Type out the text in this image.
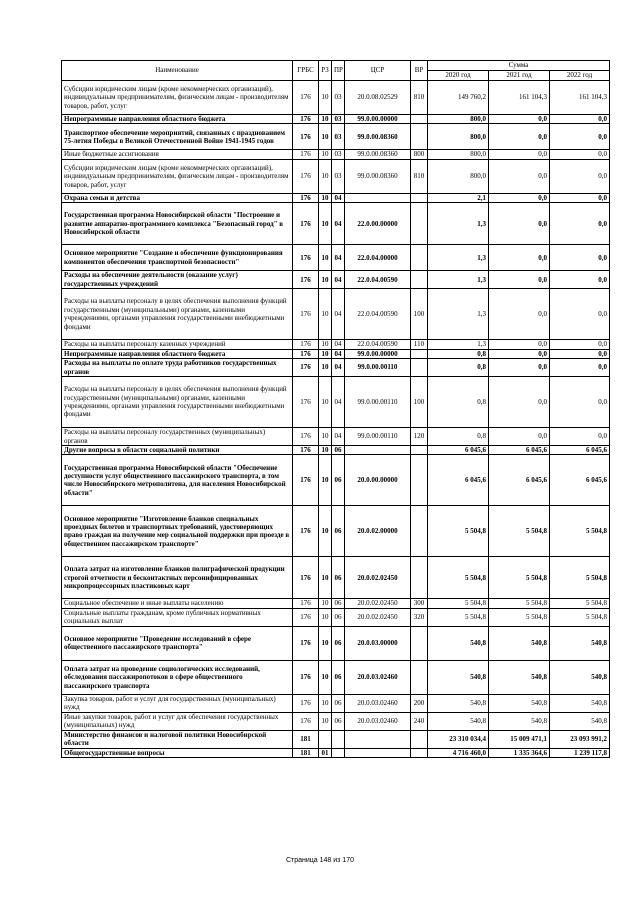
Наименование	ГРБС	РЗ	ПР	ЦСР	ВР	Сумма		
						2020 год	2021 год	2022 год
Субсидии юридическим лицам (кроме некоммерческих организаций), индивидуальным предпринимателям, физическим лицам - производителям товаров, работ, услуг	176	10	03	20.0.08.02529	810	149 760,2	161 104,3	161 104,3
Непрограммные направления областного бюджета	176	10	03	99.0.00.00000		800,0	0,0	0,0
Транспортное обеспечение мероприятий, связанных с празднованием 75-летия Победы в Великой Отечественной Войне 1941-1945 годов	176	10	03	99.0.00.08360		800,0	0,0	0,0
Иные бюджетные ассигнования	176	10	03	99.0.00.08360	800	800,0	0,0	0,0
Субсидии юридическим лицам (кроме некоммерческих организаций), индивидуальным предпринимателям, физическим лицам - производителям товаров, работ, услуг	176	10	03	99.0.00.08360	810	800,0	0,0	0,0
Охрана семьи и детства	176	10	04			2,1	0,0	0,0
Государственная программа Новосибирской области "Построение и развитие аппаратно-программного комплекса "Безопасный город" в Новосибирской области	176	10	04	22.0.00.00000		1,3	0,0	0,0
Основное мероприятие "Создание и обеспечение функционирования компонентов обеспечения транспортной безопасности"	176	10	04	22.0.04.00000		1,3	0,0	0,0
Расходы на обеспечение деятельности (оказание услуг) государственных учреждений	176	10	04	22.0.04.00590		1,3	0,0	0,0
Расходы на выплаты персоналу в целях обеспечения выполнения функций государственными (муниципальными) органами, казенными учреждениями, органами управления государственными внебюджетными фондами	176	10	04	22.0.04.00590	100	1,3	0,0	0,0
Расходы на выплаты персоналу казенных учреждений	176	10	04	22.0.04.00590	110	1,3	0,0	0,0
Непрограммные направления областного бюджета	176	10	04	99.0.00.00000		0,8	0,0	0,0
Расходы на выплаты по оплате труда работников государственных органов	176	10	04	99.0.00.00110		0,8	0,0	0,0
Расходы на выплаты персоналу в целях обеспечения выполнения функций государственными (муниципальными) органами, казенными учреждениями, органами управления государственными внебюджетными фондами	176	10	04	99.0.00.00110	100	0,8	0,0	0,0
Расходы на выплаты персоналу государственных (муниципальных) органов	176	10	04	99.0.00.00110	120	0,8	0,0	0,0
Другие вопросы в области социальной политики	176	10	06			6 045,6	6 045,6	6 045,6
Государственная программа Новосибирской области "Обеспечение доступности услуг общественного пассажирского транспорта, в том числе Новосибирского метрополитена, для населения Новосибирской области"	176	10	06	20.0.00.00000		6 045,6	6 045,6	6 045,6
Основное мероприятие "Изготовление бланков специальных проездных билетов и транспортных требований, удостоверяющих право граждан на получение мер социальной поддержки при проезде в общественном пассажирском транспорте"	176	10	06	20.0.02.00000		5 504,8	5 504,8	5 504,8
Оплата затрат на изготовление бланков полиграфической продукции строгой отчетности и бесконтактных персонифицированных микропроцессорных пластиковых карт	176	10	06	20.0.02.02450		5 504,8	5 504,8	5 504,8
Социальное обеспечение и иные выплаты населению	176	10	06	20.0.02.02450	300	5 504,8	5 504,8	5 504,8
Социальные выплаты гражданам, кроме публичных нормативных социальных выплат	176	10	06	20.0.02.02450	320	5 504,8	5 504,8	5 504,8
Основное мероприятие "Проведение исследований в сфере общественного пассажирского транспорта"	176	10	06	20.0.03.00000		540,8	540,8	540,8
Оплата затрат на проведение социологических исследований, обследования пассажиропотоков в сфере общественного пассажирского транспорта	176	10	06	20.0.03.02460		540,8	540,8	540,8
Закупка товаров, работ и услуг для государственных (муниципальных) нужд	176	10	06	20.0.03.02460	200	540,8	540,8	540,8
Иные закупки товаров, работ и услуг для обеспечения государственных (муниципальных) нужд	176	10	06	20.0.03.02460	240	540,8	540,8	540,8
Министерство финансов и налоговой политики Новосибирской области	181					23 310 034,4	15 009 471,1	23 093 991,2
Общегосударственные вопросы	181	01				4 716 460,0	1 335 364,6	1 239 117,8
Страница 148 из 170
